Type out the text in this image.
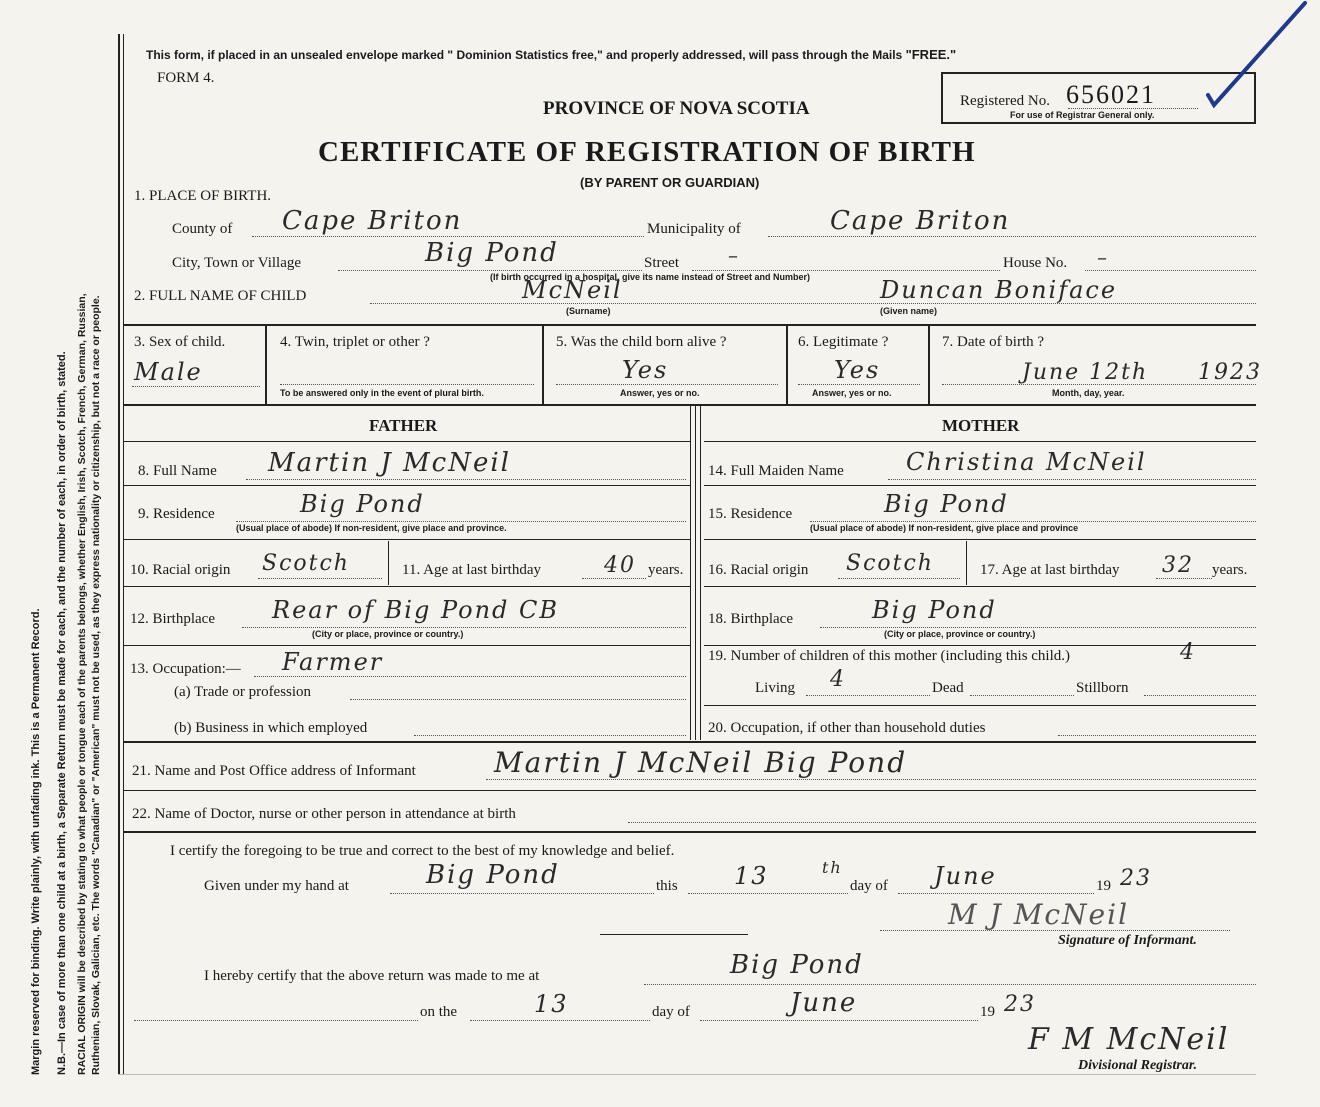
Margin reserved for binding. Write plainly, with unfading ink. This is a Permanent Record. N.B.—In case of more than one child at a birth, a Separate Return must be made for each, and the number of each, in order of birth, stated. RACIAL ORIGIN will be described by stating to what people or tongue each of the parents belongs, whether English, Irish, Scotch, French, German, Russian, Ruthenian, Slovak, Galician, etc. The words "Canadian" or "American" must not be used, as they express nationality or citizenship, but not a race or people.
This form, if placed in an unsealed envelope marked " Dominion Statistics free," and properly addressed, will pass through the Mails "FREE."
FORM 4.
PROVINCE OF NOVA SCOTIA	Registered No. 656021
For use of Registrar General only.
CERTIFICATE OF REGISTRATION OF BIRTH
(BY PARENT OR GUARDIAN)
1. PLACE OF BIRTH.
County of Cape Briton	Municipality of	Cape Briton
City, Town or Village	Big Pond	Street –	House No. –
(If birth occurred in a hospital, give its name instead of Street and Number)
2. FULL NAME OF CHILD	McNeil
(Surname)
Duncan Boniface
(Given name)
3. Sex of child.
Male
4. Twin, triplet or other ?
To be answered only in the event of plural birth.
5. Was the child born alive ?
Yes
Answer, yes or no.
6. Legitimate ?
Yes
Answer, yes or no.
7. Date of birth ?
June 12th 1923
Month, day, year.
FATHER	MOTHER
8. Full Name Martin J McNeil	14. Full Maiden Name	Christina McNeil
9. Residence	Big Pond
(Usual place of abode) If non-resident, give place and province.
15. Residence	Big Pond
(Usual place of abode) If non-resident, give place and province
10. Racial origin Scotch	11. Age at last birthday	40 years. 16. Racial origin Scotch	17. Age at last birthday 32 years.
12. Birthplace Rear of Big Pond CB
(City or place, province or country.)
18. Birthplace	Big Pond
(City or place, province or country.)
13. Occupation:— Farmer
(a) Trade or profession
(b) Business in which employed
19. Number of children of this mother (including this child.)	4
Living 4	Dead	Stillborn
20. Occupation, if other than household duties
21. Name and Post Office address of Informant	Martin J McNeil Big Pond
22. Name of Doctor, nurse or other person in attendance at birth
I certify the foregoing to be true and correct to the best of my knowledge and belief.
Given under my hand at	Big Pond	this 13	th
day of June	19 23
M J McNeil
Signature of Informant.
I hereby certify that the above return was made to me at	Big Pond
on the	13	day of	June	19 23
F M McNeil
Divisional Registrar.
